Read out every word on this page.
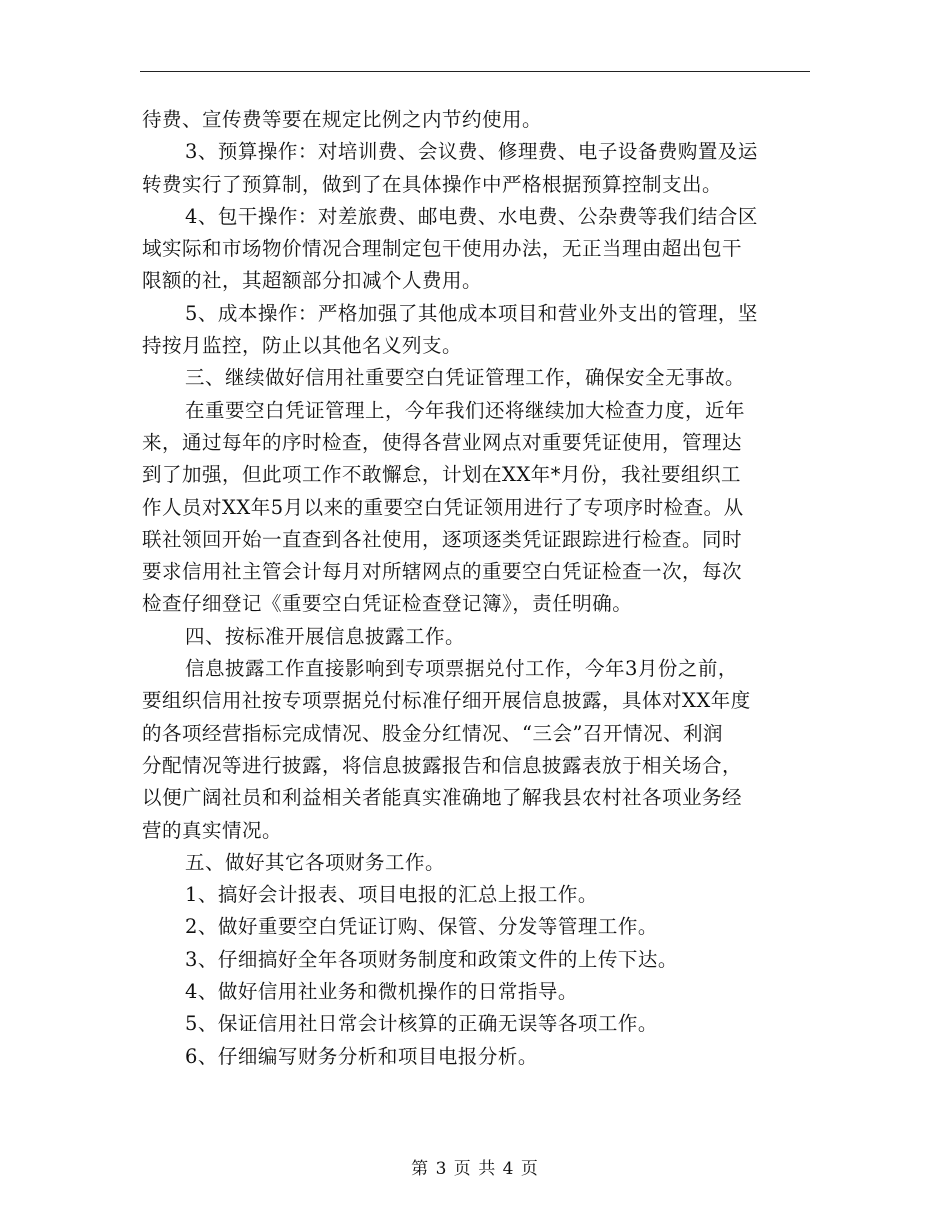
待费、宣传费等要在规定比例之内节约使用。
3、预算操作：对培训费、会议费、修理费、电子设备费购置及运
转费实行了预算制，做到了在具体操作中严格根据预算控制支出。
4、包干操作：对差旅费、邮电费、水电费、公杂费等我们结合区
域实际和市场物价情况合理制定包干使用办法，无正当理由超出包干
限额的社，其超额部分扣减个人费用。
5、成本操作：严格加强了其他成本项目和营业外支出的管理，坚
持按月监控，防止以其他名义列支。
三、继续做好信用社重要空白凭证管理工作，确保安全无事故。
在重要空白凭证管理上，今年我们还将继续加大检查力度，近年
来，通过每年的序时检查，使得各营业网点对重要凭证使用，管理达
到了加强，但此项工作不敢懈怠，计划在XX年*月份，我社要组织工
作人员对XX年5月以来的重要空白凭证领用进行了专项序时检查。从
联社领回开始一直查到各社使用，逐项逐类凭证跟踪进行检查。同时
要求信用社主管会计每月对所辖网点的重要空白凭证检查一次，每次
检查仔细登记《重要空白凭证检查登记簿》，责任明确。
四、按标准开展信息披露工作。
信息披露工作直接影响到专项票据兑付工作，今年3月份之前，
要组织信用社按专项票据兑付标准仔细开展信息披露，具体对XX年度
的各项经营指标完成情况、股金分红情况、“三会”召开情况、利润
分配情况等进行披露，将信息披露报告和信息披露表放于相关场合，
以便广阔社员和利益相关者能真实准确地了解我县农村社各项业务经
营的真实情况。
五、做好其它各项财务工作。
1、搞好会计报表、项目电报的汇总上报工作。
2、做好重要空白凭证订购、保管、分发等管理工作。
3、仔细搞好全年各项财务制度和政策文件的上传下达。
4、做好信用社业务和微机操作的日常指导。
5、保证信用社日常会计核算的正确无误等各项工作。
6、仔细编写财务分析和项目电报分析。
第 3 页 共 4 页
